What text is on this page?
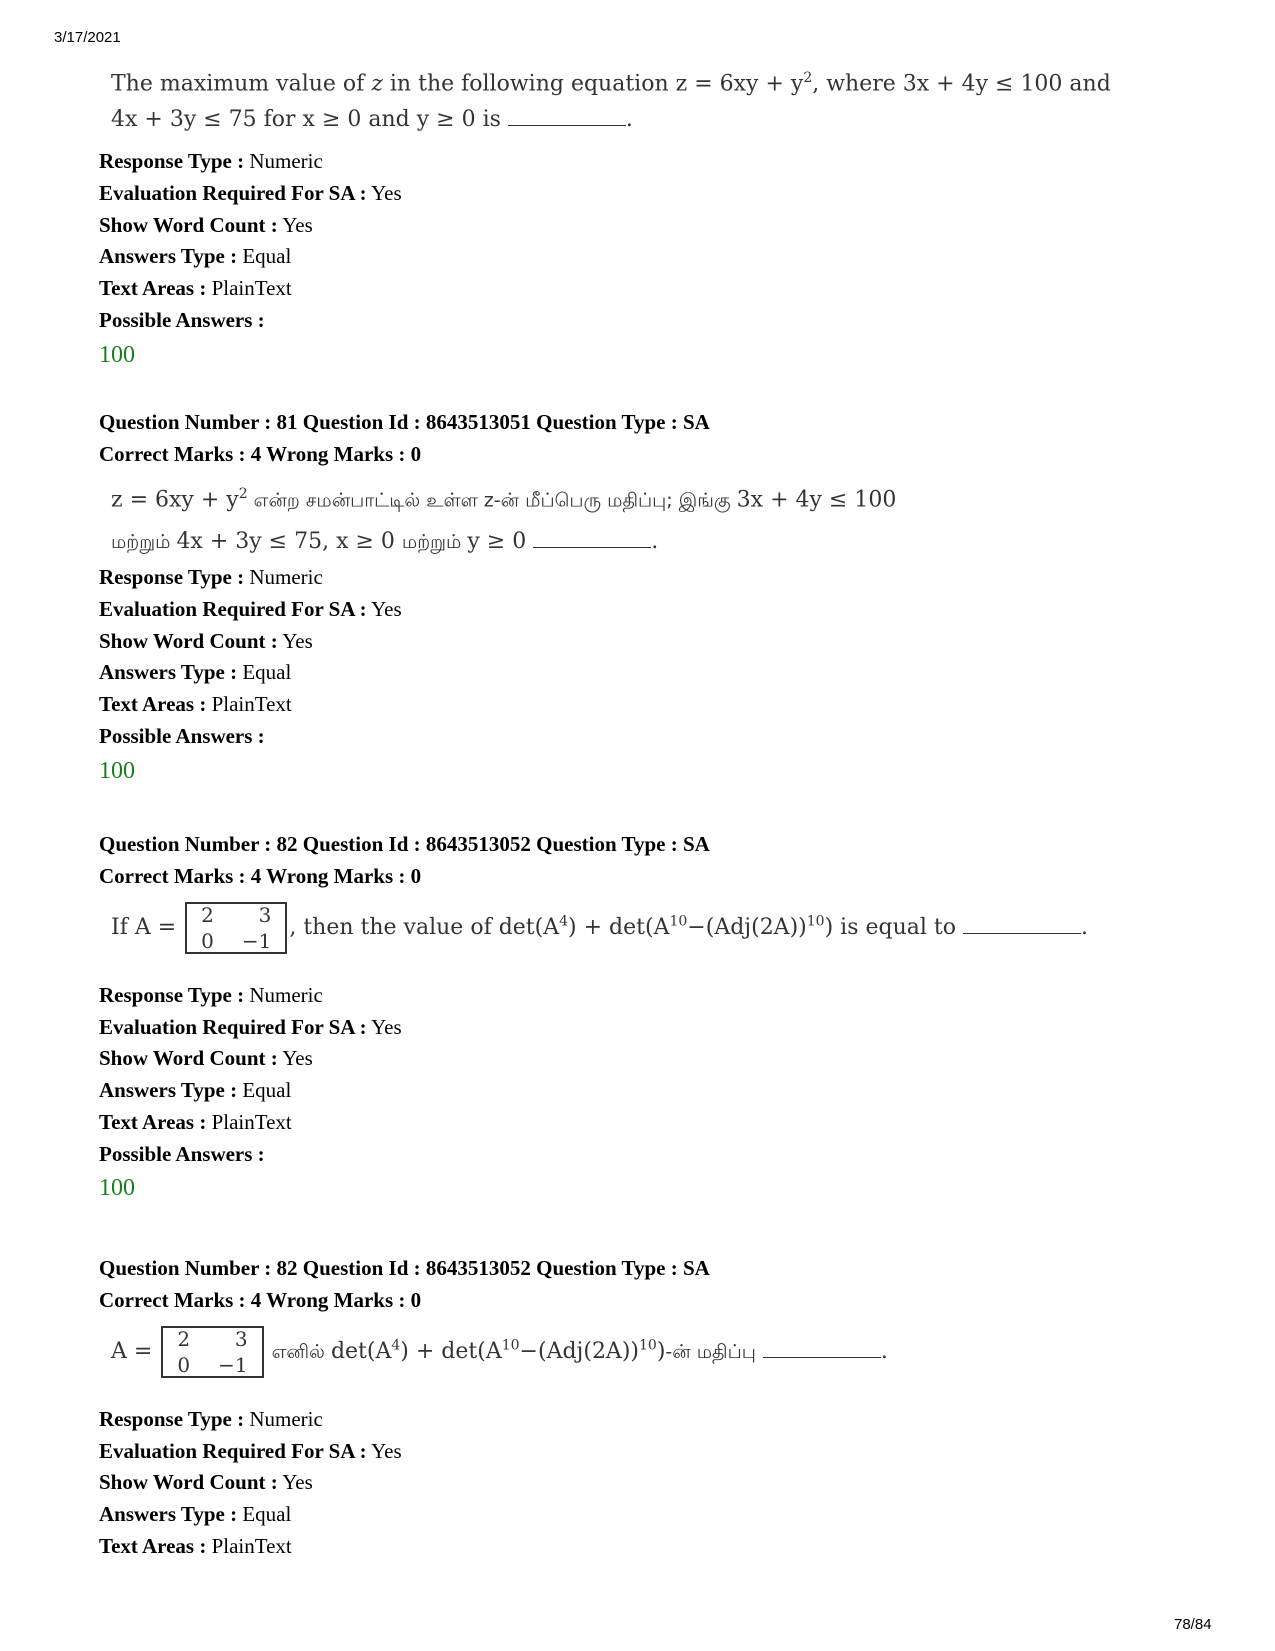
3/17/2021
The maximum value of z in the following equation $z = 6xy + y^2$, where 3x + 4y ≤ 100 and
4x + 3y ≤ 75 for x ≥ 0 and y ≥ 0 is	.
Response Type : Numeric
Evaluation Required For SA : Yes
Show Word Count : Yes
Answers Type : Equal
Text Areas : PlainText
Possible Answers :
100
Question Number : 81 Question Id : 8643513051 Question Type : SA
Correct Marks : 4 Wrong Marks : 0
$z = 6xy + y^2$ என்ற சமன்பாட்டில் உள்ள z-ன் மீப்பெரு மதிப்பு; இங்கு 3x + 4y ≤ 100
மற்றும் 4x + 3y ≤ 75, x ≥ 0 மற்றும் y ≥ 0	.
Response Type : Numeric
Evaluation Required For SA : Yes
Show Word Count : Yes
Answers Type : Equal
Text Areas : PlainText
Possible Answers :
100
Question Number : 82 Question Id : 8643513052 Question Type : SA
Correct Marks : 4 Wrong Marks : 0
If A = 2	3
0	−1
, then the value of $\det(A^4) + \det(A^{10}-(Adj(2A))^{10})$ is equal to	.
Response Type : Numeric
Evaluation Required For SA : Yes
Show Word Count : Yes
Answers Type : Equal
Text Areas : PlainText
Possible Answers :
100
Question Number : 82 Question Id : 8643513052 Question Type : SA
Correct Marks : 4 Wrong Marks : 0
A = 2	3
0	−1
எனில் $\det(A^4)$ + $\det(A^{10}-(Adj(2A))^{10})-ன்$ மதிப்பு	.
Response Type : Numeric
Evaluation Required For SA : Yes
Show Word Count : Yes
Answers Type : Equal
Text Areas : PlainText
78/84
